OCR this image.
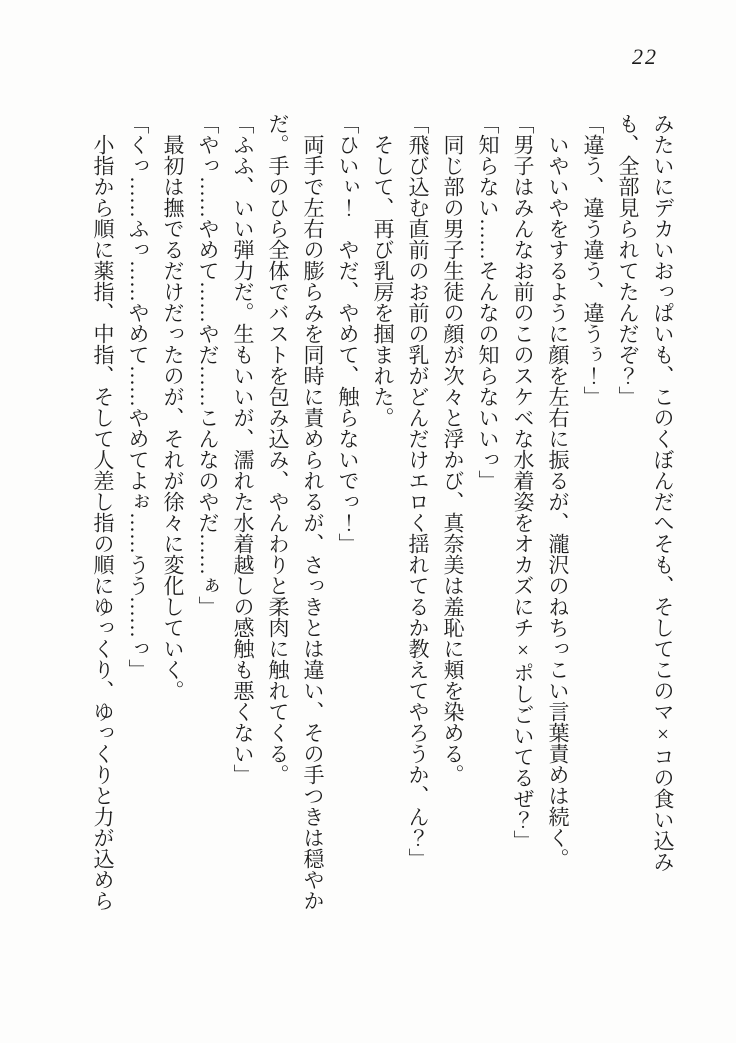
22

みたいにデカいおっぱいも、このくぼんだへそも、そしてこのマ×コの食い込みも、全部見られてたんだぞ？」

「違う、違う違う、違うぅ！」

いやいやをするように顔を左右に振るが、瀧沢のねちっこい言葉責めは続く。

「男子はみんなお前のこのスケベな水着姿をオカズにチ×ポしごいてるぜ？」

「知らない……そんなの知らないいっ」

同じ部の男子生徒の顔が次々と浮かび、真奈美は羞恥に頬を染める。

「飛び込む直前のお前の乳がどんだけエロく揺れてるか教えてやろうか、ん？」

そして、再び乳房を掴まれた。

「ひいぃ！　やだ、やめて、触らないでっ！」

両手で左右の膨らみを同時に責められるが、さっきとは違い、その手つきは穏やかだ。手のひら全体でバストを包み込み、やんわりと柔肉に触れてくる。

「ふふ、いい弾力だ。生もいいが、濡れた水着越しの感触も悪くない」

「やっ……やめて……やだ……こんなのやだ……ぁ」

最初は撫でるだけだったのが、それが徐々に変化していく。

「くっ……ふっ……やめて……やめてよぉ……うう……っ」

小指から順に薬指、中指、そして人差し指の順にゆっくり、ゆっくりと力が込めら
